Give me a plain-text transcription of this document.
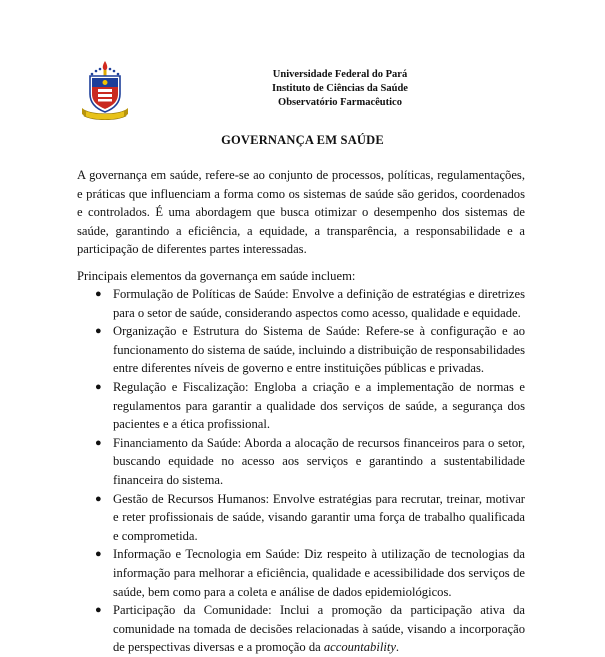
Universidade Federal do Pará
Instituto de Ciências da Saúde
Observatório Farmacêutico
GOVERNANÇA EM SAÚDE
A governança em saúde, refere-se ao conjunto de processos, políticas, regulamentações, e práticas que influenciam a forma como os sistemas de saúde são geridos, coordenados e controlados. É uma abordagem que busca otimizar o desempenho dos sistemas de saúde, garantindo a eficiência, a equidade, a transparência, a responsabilidade e a participação de diferentes partes interessadas.
Principais elementos da governança em saúde incluem:
● Formulação de Políticas de Saúde: Envolve a definição de estratégias e diretrizes para o setor de saúde, considerando aspectos como acesso, qualidade e equidade.
● Organização e Estrutura do Sistema de Saúde: Refere-se à configuração e ao funcionamento do sistema de saúde, incluindo a distribuição de responsabilidades entre diferentes níveis de governo e entre instituições públicas e privadas.
● Regulação e Fiscalização: Engloba a criação e a implementação de normas e regulamentos para garantir a qualidade dos serviços de saúde, a segurança dos pacientes e a ética profissional.
● Financiamento da Saúde: Aborda a alocação de recursos financeiros para o setor, buscando equidade no acesso aos serviços e garantindo a sustentabilidade financeira do sistema.
● Gestão de Recursos Humanos: Envolve estratégias para recrutar, treinar, motivar e reter profissionais de saúde, visando garantir uma força de trabalho qualificada e comprometida.
● Informação e Tecnologia em Saúde: Diz respeito à utilização de tecnologias da informação para melhorar a eficiência, qualidade e acessibilidade dos serviços de saúde, bem como para a coleta e análise de dados epidemiológicos.
● Participação da Comunidade: Inclui a promoção da participação ativa da comunidade na tomada de decisões relacionadas à saúde, visando a incorporação de perspectivas diversas e a promoção da accountability.
